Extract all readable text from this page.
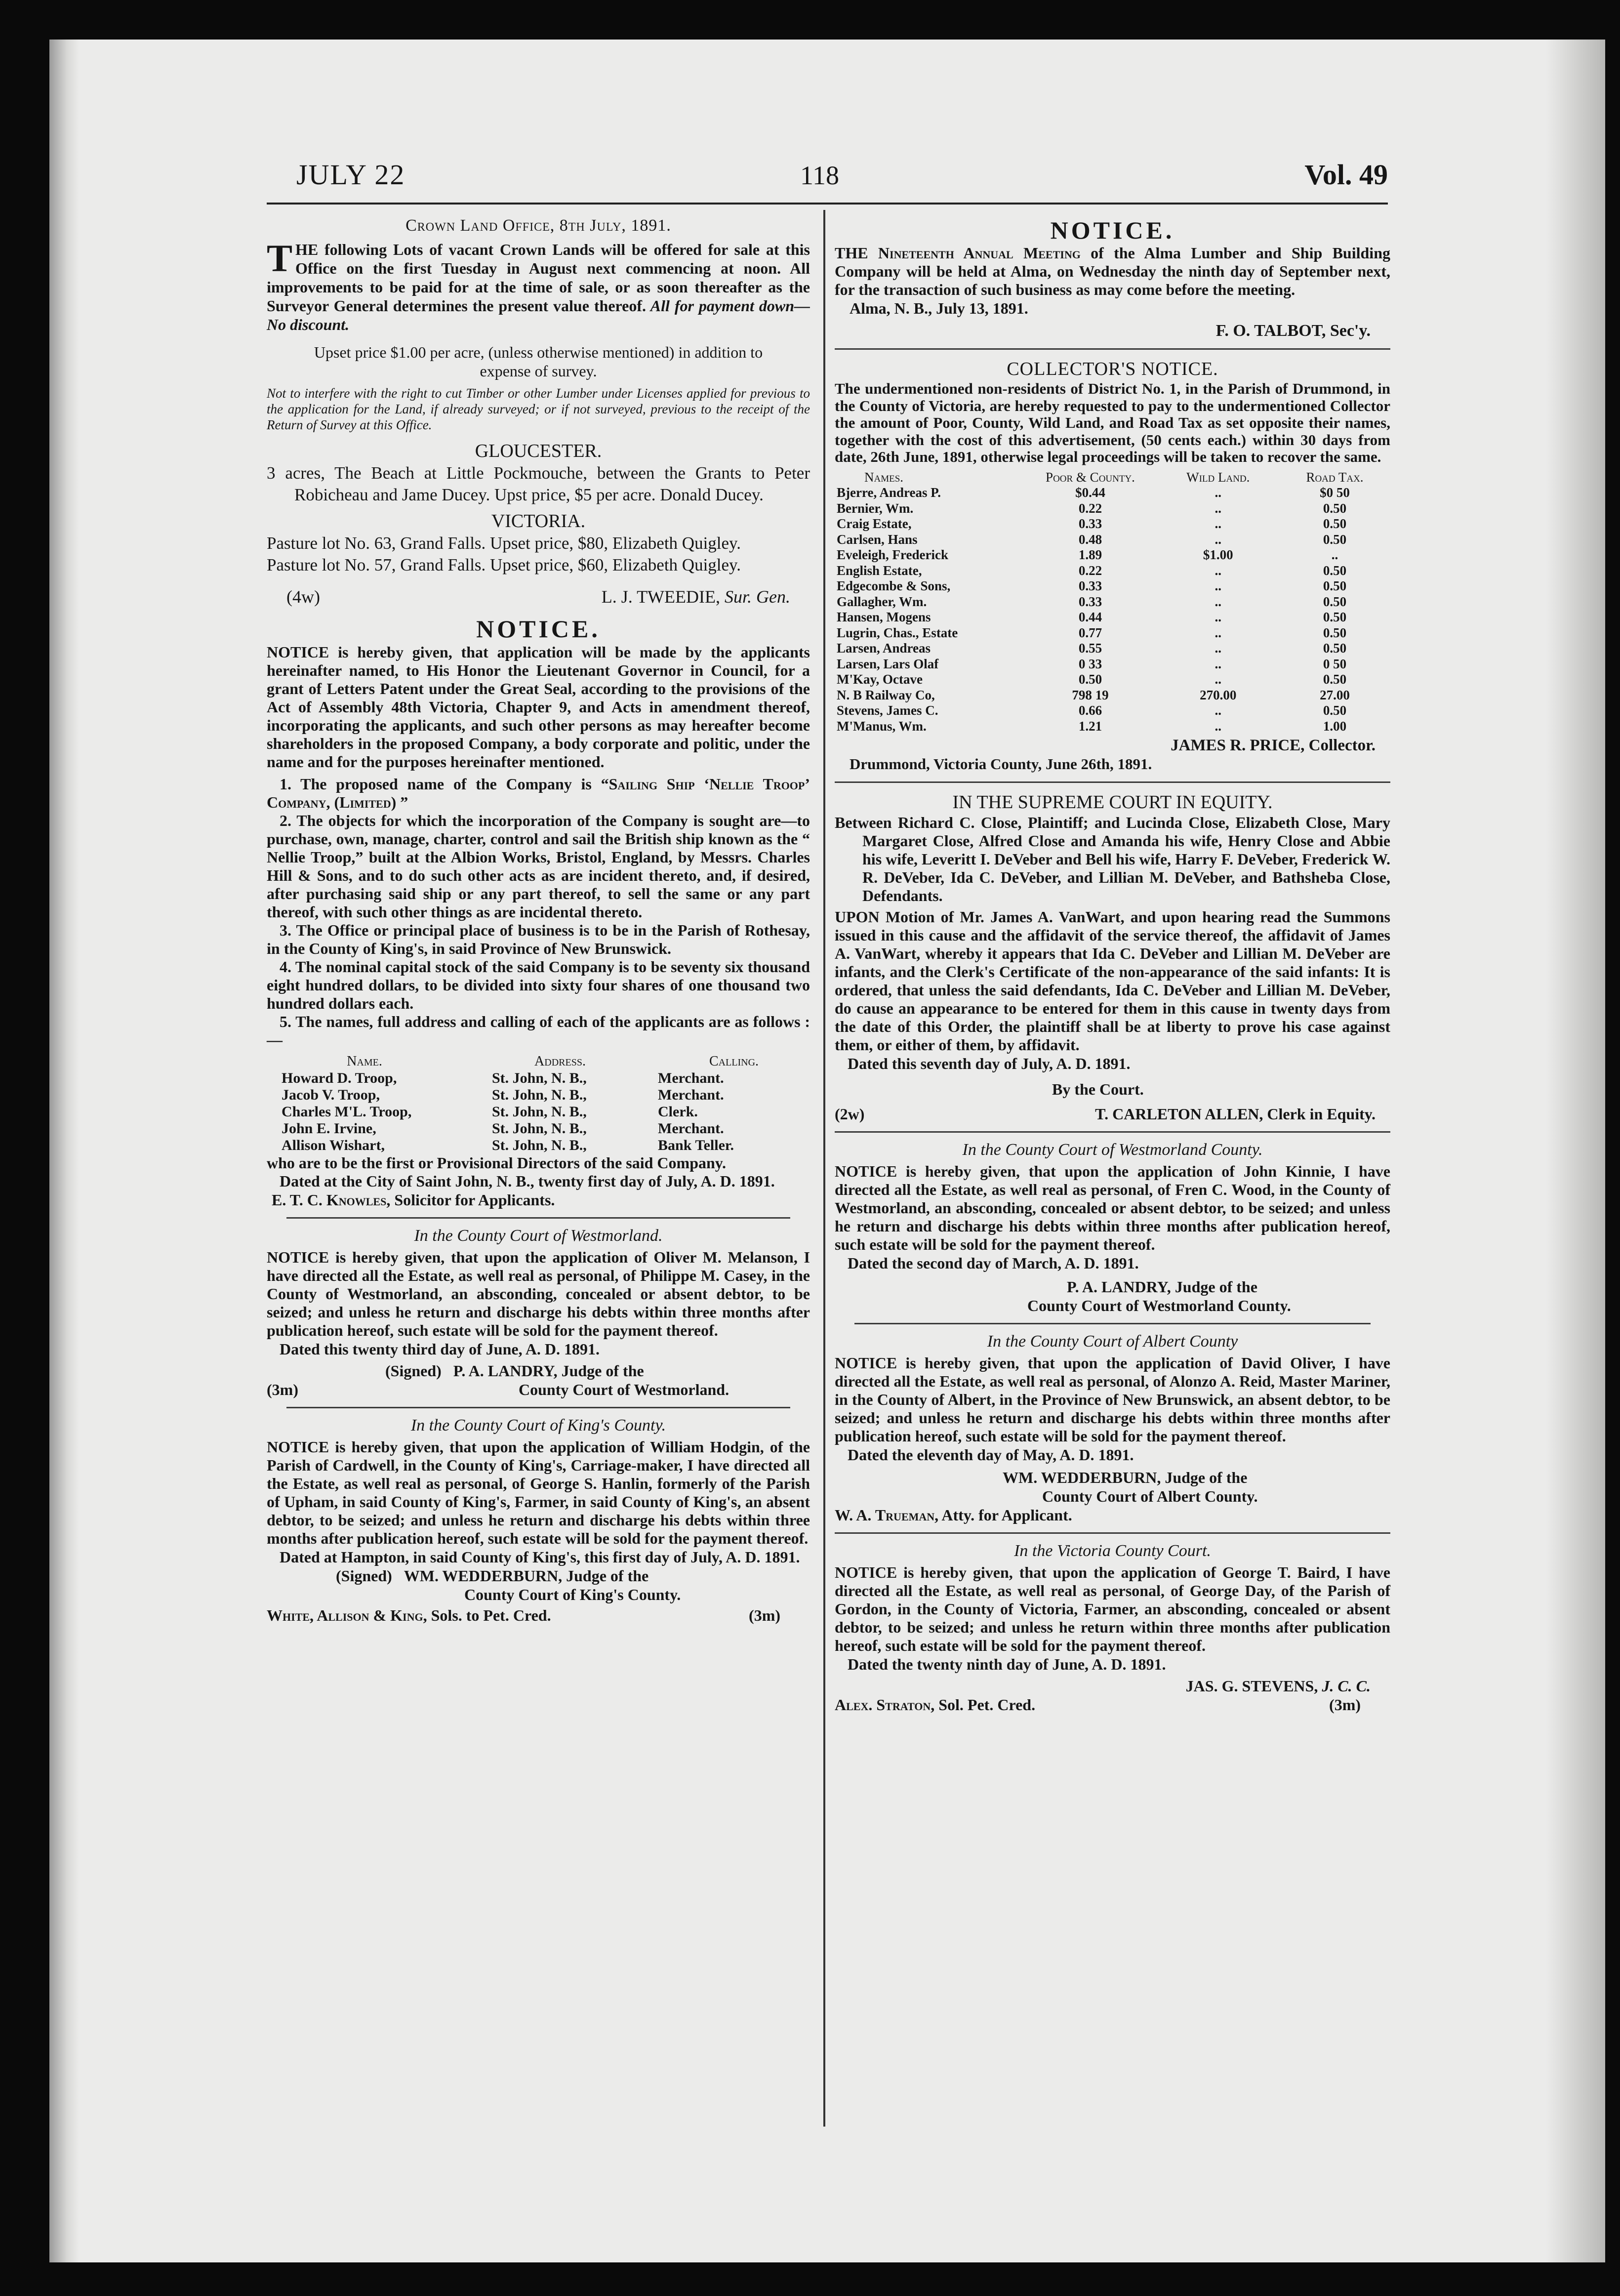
JULY 22	118	Vol. 49

Crown Land Office, 8th July, 1891.

THE following Lots of vacant Crown Lands will be offered for sale at this Office on the first Tuesday in August next commencing at noon. All improvements to be paid for at the time of sale, or as soon thereafter as the Surveyor General determines the present value thereof. All for payment down—No discount.

Upset price $1.00 per acre, (unless otherwise mentioned) in addition to expense of survey.

Not to interfere with the right to cut Timber or other Lumber under Licenses applied for previous to the application for the Land, if already surveyed; or if not surveyed, previous to the receipt of the Return of Survey at this Office.

GLOUCESTER.

3 acres, The Beach at Little Pockmouche, between the Grants to Peter Robicheau and Jame Ducey. Upst price, $5 per acre. Donald Ducey.

VICTORIA.

Pasture lot No. 63, Grand Falls. Upset price, $80, Elizabeth Quigley.

Pasture lot No. 57, Grand Falls. Upset price, $60, Elizabeth Quigley.

(4w)	L. J. TWEEDIE, Sur. Gen.

NOTICE.

NOTICE is hereby given, that application will be made by the applicants hereinafter named, to His Honor the Lieutenant Governor in Council, for a grant of Letters Patent under the Great Seal, according to the provisions of the Act of Assembly 48th Victoria, Chapter 9, and Acts in amendment thereof, incorporating the applicants, and such other persons as may hereafter become shareholders in the proposed Company, a body corporate and politic, under the name and for the purposes hereinafter mentioned.

1. The proposed name of the Company is “Sailing Ship ‘Nellie Troop’ Company, (Limited) ”

2. The objects for which the incorporation of the Company is sought are—to purchase, own, manage, charter, control and sail the British ship known as the “ Nellie Troop,” built at the Albion Works, Bristol, England, by Messrs. Charles Hill & Sons, and to do such other acts as are incident thereto, and, if desired, after purchasing said ship or any part thereof, to sell the same or any part thereof, with such other things as are incidental thereto.

3. The Office or principal place of business is to be in the Parish of Rothesay, in the County of King's, in said Province of New Brunswick.

4. The nominal capital stock of the said Company is to be seventy six thousand eight hundred dollars, to be divided into sixty four shares of one thousand two hundred dollars each.

5. The names, full address and calling of each of the applicants are as follows :—

Name.	Address.	Calling.
Howard D. Troop,	St. John, N. B.,	Merchant.
Jacob V. Troop,	St. John, N. B.,	Merchant.
Charles M'L. Troop,	St. John, N. B.,	Clerk.
John E. Irvine,	St. John, N. B.,	Merchant.
Allison Wishart,	St. John, N. B.,	Bank Teller.

who are to be the first or Provisional Directors of the said Company.

Dated at the City of Saint John, N. B., twenty first day of July, A. D. 1891.

E. T. C. Knowles, Solicitor for Applicants.

In the County Court of Westmorland.

NOTICE is hereby given, that upon the application of Oliver M. Melanson, I have directed all the Estate, as well real as personal, of Philippe M. Casey, in the County of Westmorland, an absconding, concealed or absent debtor, to be seized; and unless he return and discharge his debts within three months after publication hereof, such estate will be sold for the payment thereof.

Dated this twenty third day of June, A. D. 1891.

(3m)

(Signed) P. A. LANDRY, Judge of the

County Court of Westmorland.

In the County Court of King's County.

NOTICE is hereby given, that upon the application of William Hodgin, of the Parish of Cardwell, in the County of King's, Carriage-maker, I have directed all the Estate, as well real as personal, of George S. Hanlin, formerly of the Parish of Upham, in said County of King's, Farmer, in said County of King's, an absent debtor, to be seized; and unless he return and discharge his debts within three months after publication hereof, such estate will be sold for the payment thereof.

Dated at Hampton, in said County of King's, this first day of July, A. D. 1891.

(Signed) WM. WEDDERBURN, Judge of the

County Court of King's County.

White, Allison & King, Sols. to Pet. Cred.	(3m)

NOTICE.

THE Nineteenth Annual Meeting of the Alma Lumber and Ship Building Company will be held at Alma, on Wednesday the ninth day of September next, for the transaction of such business as may come before the meeting.

Alma, N. B., July 13, 1891.

F. O. TALBOT, Sec'y.

COLLECTOR'S NOTICE.

The undermentioned non-residents of District No. 1, in the Parish of Drummond, in the County of Victoria, are hereby requested to pay to the undermentioned Collector the amount of Poor, County, Wild Land, and Road Tax as set opposite their names, together with the cost of this advertisement, (50 cents each.) within 30 days from date, 26th June, 1891, otherwise legal proceedings will be taken to recover the same.

Names.	Poor & County.	Wild Land.	Road Tax.
Bjerre, Andreas P.	$0.44	..	$0 50
Bernier, Wm.	0.22	..	0.50
Craig Estate,	0.33	..	0.50
Carlsen, Hans	0.48	..	0.50
Eveleigh, Frederick	1.89	$1.00	..
English Estate,	0.22	..	0.50
Edgecombe & Sons,	0.33	..	0.50
Gallagher, Wm.	0.33	..	0.50
Hansen, Mogens	0.44	..	0.50
Lugrin, Chas., Estate	0.77	..	0.50
Larsen, Andreas	0.55	..	0.50
Larsen, Lars Olaf	0 33	..	0 50
M'Kay, Octave	0.50	..	0.50
N. B Railway Co,	798 19	270.00	27.00
Stevens, James C.	0.66	..	0.50
M'Manus, Wm.	1.21	..	1.00

JAMES R. PRICE, Collector.

Drummond, Victoria County, June 26th, 1891.

IN THE SUPREME COURT IN EQUITY.

Between Richard C. Close, Plaintiff; and Lucinda Close, Elizabeth Close, Mary Margaret Close, Alfred Close and Amanda his wife, Henry Close and Abbie his wife, Leveritt I. DeVeber and Bell his wife, Harry F. DeVeber, Frederick W. R. DeVeber, Ida C. DeVeber, and Lillian M. DeVeber, and Bathsheba Close, Defendants.

UPON Motion of Mr. James A. VanWart, and upon hearing read the Summons issued in this cause and the affidavit of the service thereof, the affidavit of James A. VanWart, whereby it appears that Ida C. DeVeber and Lillian M. DeVeber are infants, and the Clerk's Certificate of the non-appearance of the said infants: It is ordered, that unless the said defendants, Ida C. DeVeber and Lillian M. DeVeber, do cause an appearance to be entered for them in this cause in twenty days from the date of this Order, the plaintiff shall be at liberty to prove his case against them, or either of them, by affidavit.

Dated this seventh day of July, A. D. 1891.

By the Court.

(2w)	T. CARLETON ALLEN, Clerk in Equity.

In the County Court of Westmorland County.

NOTICE is hereby given, that upon the application of John Kinnie, I have directed all the Estate, as well real as personal, of Fren C. Wood, in the County of Westmorland, an absconding, concealed or absent debtor, to be seized; and unless he return and discharge his debts within three months after publication hereof, such estate will be sold for the payment thereof.

Dated the second day of March, A. D. 1891.

P. A. LANDRY, Judge of the

County Court of Westmorland County.

In the County Court of Albert County

NOTICE is hereby given, that upon the application of David Oliver, I have directed all the Estate, as well real as personal, of Alonzo A. Reid, Master Mariner, in the County of Albert, in the Province of New Brunswick, an absent debtor, to be seized; and unless he return and discharge his debts within three months after publication hereof, such estate will be sold for the payment thereof.

Dated the eleventh day of May, A. D. 1891.

WM. WEDDERBURN, Judge of the

County Court of Albert County.

W. A. Trueman, Atty. for Applicant.

In the Victoria County Court.

NOTICE is hereby given, that upon the application of George T. Baird, I have directed all the Estate, as well real as personal, of George Day, of the Parish of Gordon, in the County of Victoria, Farmer, an absconding, concealed or absent debtor, to be seized; and unless he return within three months after publication hereof, such estate will be sold for the payment thereof.

Dated the twenty ninth day of June, A. D. 1891.

JAS. G. STEVENS, J. C. C.

Alex. Straton, Sol. Pet. Cred.	(3m)
